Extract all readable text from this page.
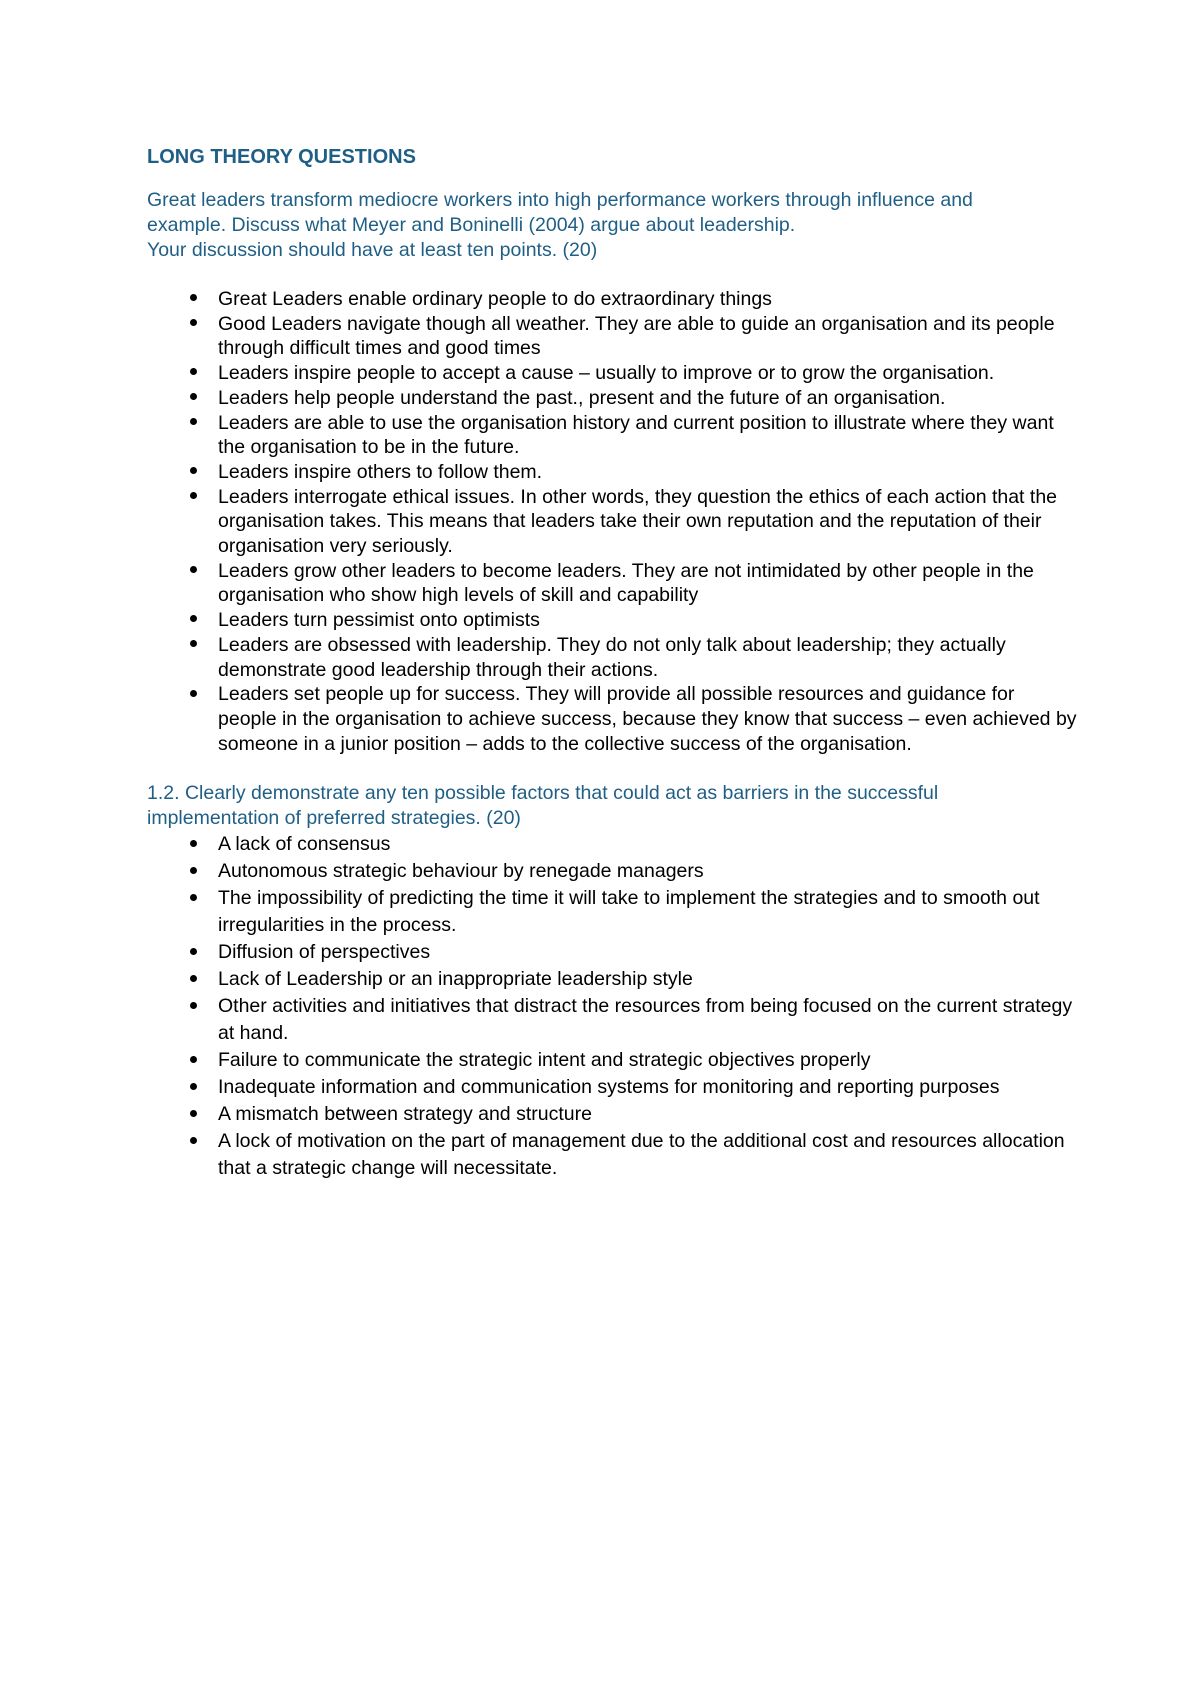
LONG THEORY QUESTIONS

Great leaders transform mediocre workers into high performance workers through influence and
example. Discuss what Meyer and Boninelli (2004) argue about leadership.
Your discussion should have at least ten points. (20)

Great Leaders enable ordinary people to do extraordinary things
Good Leaders navigate though all weather. They are able to guide an organisation and its people through difficult times and good times
Leaders inspire people to accept a cause – usually to improve or to grow the organisation.
Leaders help people understand the past., present and the future of an organisation.
Leaders are able to use the organisation history and current position to illustrate where they want the organisation to be in the future.
Leaders inspire others to follow them.
Leaders interrogate ethical issues. In other words, they question the ethics of each action that the organisation takes. This means that leaders take their own reputation and the reputation of their organisation very seriously.
Leaders grow other leaders to become leaders. They are not intimidated by other people in the organisation who show high levels of skill and capability
Leaders turn pessimist onto optimists
Leaders are obsessed with leadership. They do not only talk about leadership; they actually demonstrate good leadership through their actions.
Leaders set people up for success. They will provide all possible resources and guidance for people in the organisation to achieve success, because they know that success – even achieved by someone in a junior position – adds to the collective success of the organisation.

1.2. Clearly demonstrate any ten possible factors that could act as barriers in the successful
implementation of preferred strategies. (20)

A lack of consensus
Autonomous strategic behaviour by renegade managers
The impossibility of predicting the time it will take to implement the strategies and to smooth out irregularities in the process.
Diffusion of perspectives
Lack of Leadership or an inappropriate leadership style
Other activities and initiatives that distract the resources from being focused on the current strategy at hand.
Failure to communicate the strategic intent and strategic objectives properly
Inadequate information and communication systems for monitoring and reporting purposes
A mismatch between strategy and structure
A lock of motivation on the part of management due to the additional cost and resources allocation that a strategic change will necessitate.
